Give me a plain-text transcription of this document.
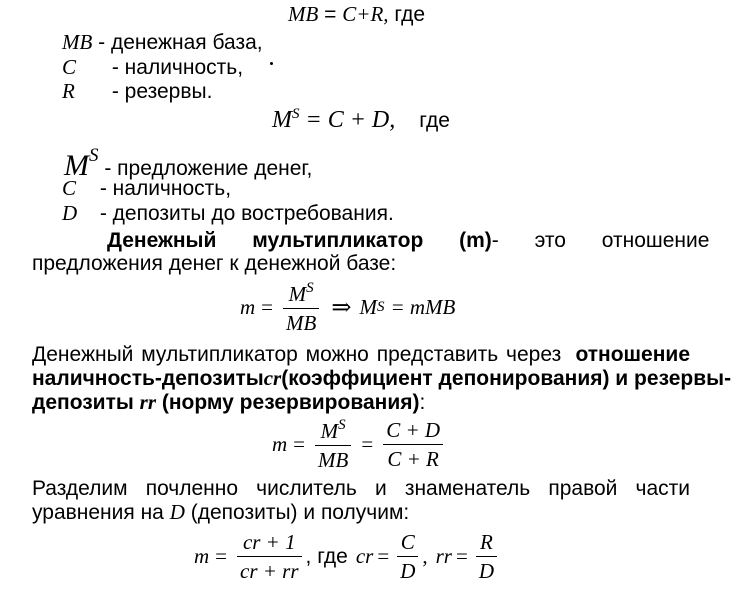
MB = C+R, где
MB - денежная база,
C - наличность,
R - резервы.
$M^S = C + D$, где
MS - предложение денег,
C - наличность,
D - депозиты до востребования.
Денежный мультипликатор (m) - это отношение
предложения денег к денежной базе:
$m = \frac{M^S}{MB}$ ⇒ M S = mMB
Денежный мультипликатор можно представить через отношение
наличность-депозиты cr (коэффициент депонирования) и резервы-
депозиты rr (норму резервирования):
$m = \frac{M^S}{MB} = \frac{C + D}{C + R}$
Разделим почленно числитель и знаменатель правой части
уравнения на D (депозиты) и получим:
$m = \frac{cr + 1}{cr + rr}$ , где cr = $\frac{C}{D}$ , rr = $\frac{R}{D}$
